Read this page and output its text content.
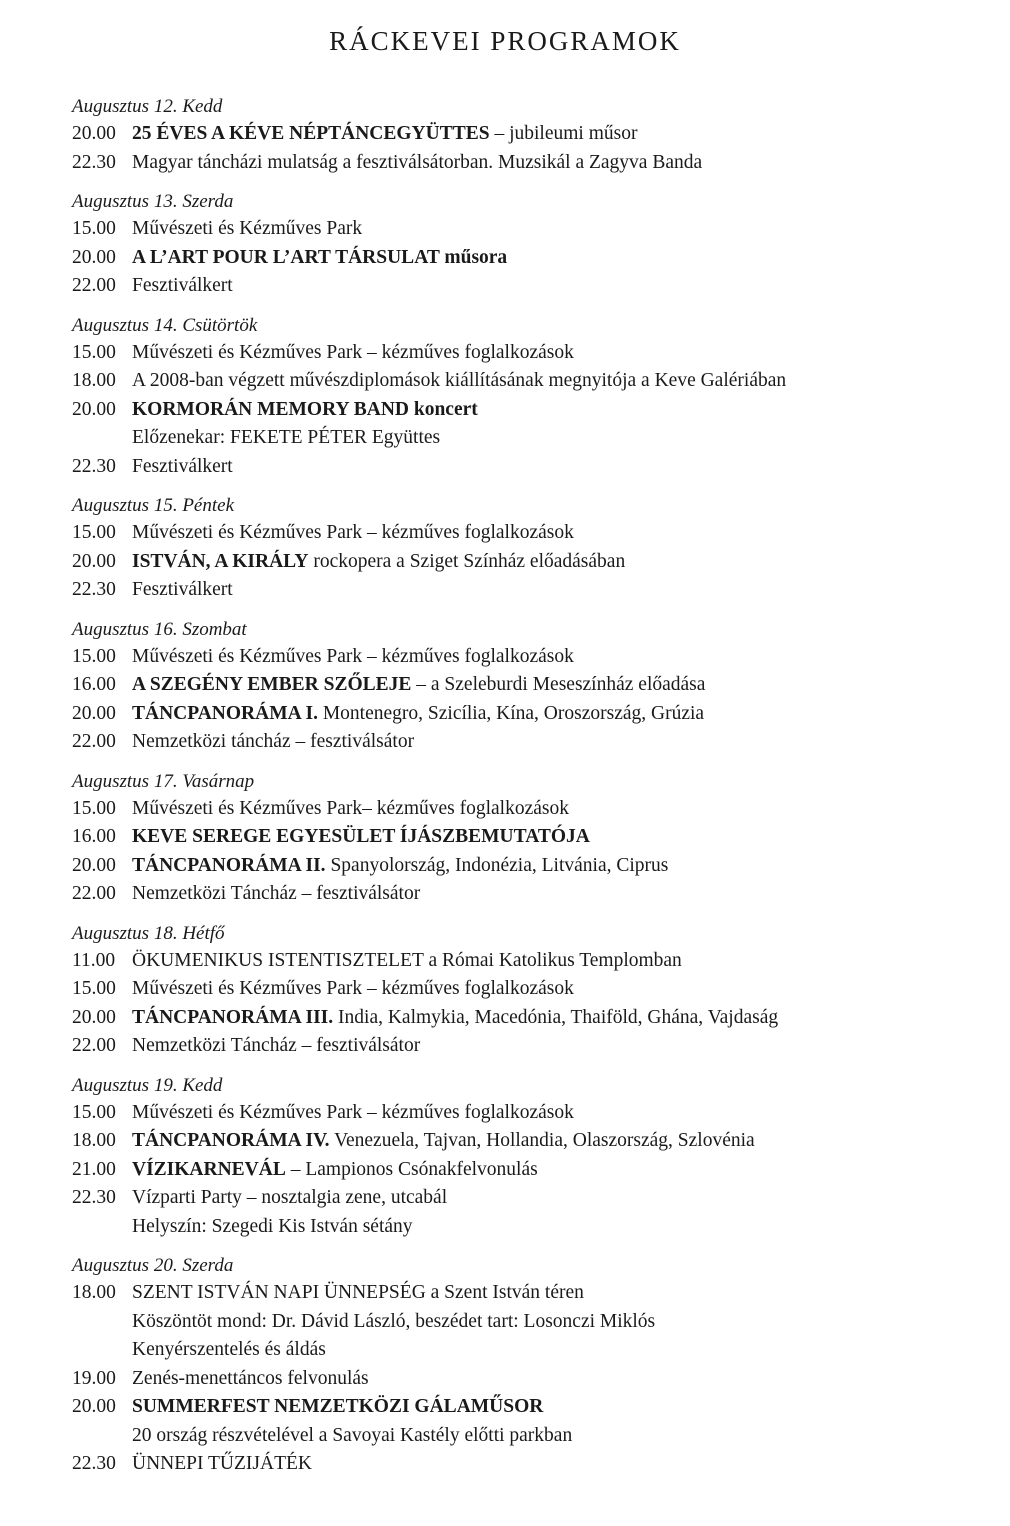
RÁCKEVEI PROGRAMOK
Augusztus 12. Kedd
20.00 25 ÉVES A KÉVE NÉPTÁNCEGYÜTTES – jubileumi műsor
22.30 Magyar táncházi mulatság a fesztiválsátorban. Muzsikál a Zagyva Banda
Augusztus 13. Szerda
15.00 Művészeti és Kézműves Park
20.00 A L’ART POUR L’ART TÁRSULAT műsora
22.00 Fesztiválkert
Augusztus 14. Csütörtök
15.00 Művészeti és Kézműves Park – kézműves foglalkozások
18.00 A 2008-ban végzett művészdiplomások kiállításának megnyitója a Keve Galériában
20.00 KORMORÁN MEMORY BAND koncert
Előzenekar: FEKETE PÉTER Együttes
22.30 Fesztiválkert
Augusztus 15. Péntek
15.00 Művészeti és Kézműves Park – kézműves foglalkozások
20.00 ISTVÁN, A KIRÁLY rockopera a Sziget Színház előadásában
22.30 Fesztiválkert
Augusztus 16. Szombat
15.00 Művészeti és Kézműves Park – kézműves foglalkozások
16.00 A SZEGÉNY EMBER SZŐLEJE – a Szeleburdi Meseszínház előadása
20.00 TÁNCPANORÁMA I. Montenegro, Szicília, Kína, Oroszország, Grúzia
22.00 Nemzetközi táncház – fesztiválsátor
Augusztus 17. Vasárnap
15.00 Művészeti és Kézműves Park– kézműves foglalkozások
16.00 KEVE SEREGE EGYESÜLET ÍJÁSZBEMUTATÓJA
20.00 TÁNCPANORÁMA II. Spanyolország, Indonézia, Litvánia, Ciprus
22.00 Nemzetközi Táncház – fesztiválsátor
Augusztus 18. Hétfő
11.00 ÖKUMENIKUS ISTENTISZTELET a Római Katolikus Templomban
15.00 Művészeti és Kézműves Park – kézműves foglalkozások
20.00 TÁNCPANORÁMA III. India, Kalmykia, Macedónia, Thaiföld, Ghána, Vajdaság
22.00 Nemzetközi Táncház – fesztiválsátor
Augusztus 19. Kedd
15.00 Művészeti és Kézműves Park – kézműves foglalkozások
18.00 TÁNCPANORÁMA IV. Venezuela, Tajvan, Hollandia, Olaszország, Szlovénia
21.00 VÍZIKARNEVÁL – Lampionos Csónakfelvonulás
22.30 Vízparti Party – nosztalgia zene, utcabál
Helyszín: Szegedi Kis István sétány
Augusztus 20. Szerda
18.00 SZENT ISTVÁN NAPI ÜNNEPSÉG a Szent István téren
Köszöntöt mond: Dr. Dávid László, beszédet tart: Losonczi Miklós
Kenyérszentelés és áldás
19.00 Zenés-menettáncos felvonulás
20.00 SUMMERFEST NEMZETKÖZI GÁLAMŰSOR
20 ország részvételével a Savoyai Kastély előtti parkban
22.30 ÜNNEPI TŰZIJÁTÉK
